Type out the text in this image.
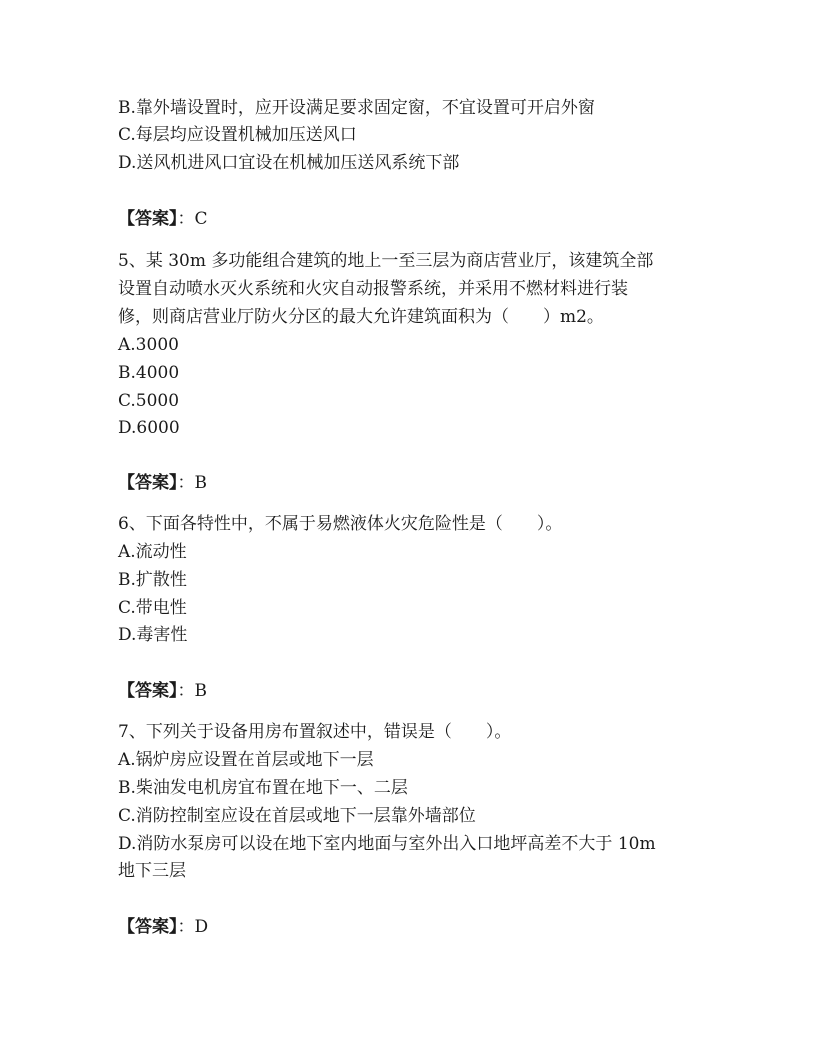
B.靠外墙设置时，应开设满足要求固定窗，不宜设置可开启外窗
C.每层均应设置机械加压送风口
D.送风机进风口宜设在机械加压送风系统下部
【答案】：C
5、某 30m 多功能组合建筑的地上一至三层为商店营业厅，该建筑全部
设置自动喷水灭火系统和火灾自动报警系统，并采用不燃材料进行装
修，则商店营业厅防火分区的最大允许建筑面积为（　　）m2。
A.3000
B.4000
C.5000
D.6000
【答案】：B
6、下面各特性中，不属于易燃液体火灾危险性是（　　）。
A.流动性
B.扩散性
C.带电性
D.毒害性
【答案】：B
7、下列关于设备用房布置叙述中，错误是（　　）。
A.锅炉房应设置在首层或地下一层
B.柴油发电机房宜布置在地下一、二层
C.消防控制室应设在首层或地下一层靠外墙部位
D.消防水泵房可以设在地下室内地面与室外出入口地坪高差不大于 10m
地下三层
【答案】：D
